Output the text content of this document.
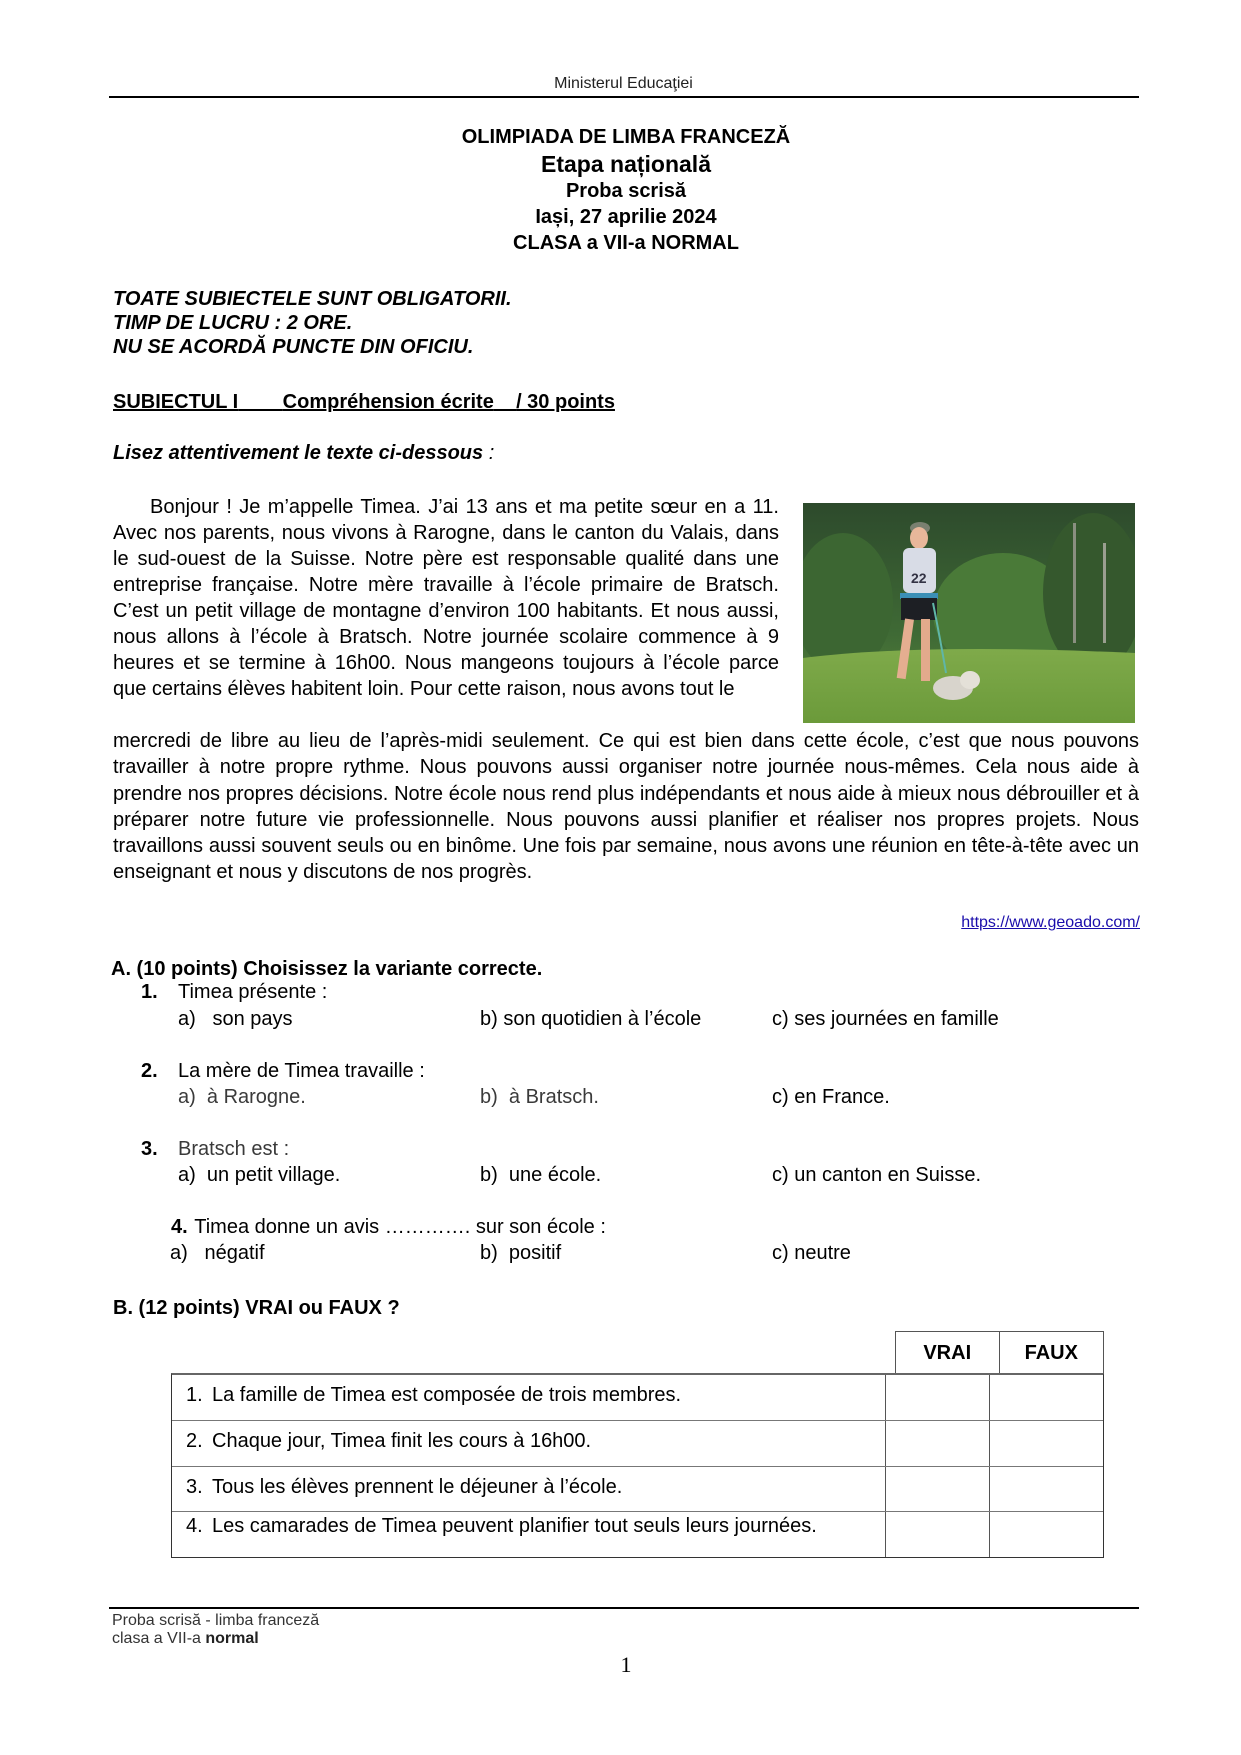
Ministerul Educaţiei
OLIMPIADA DE LIMBA FRANCEZĂ
Etapa națională
Proba scrisă
Iași, 27 aprilie 2024
CLASA a VII-a NORMAL
TOATE SUBIECTELE SUNT OBLIGATORII.
TIMP DE LUCRU : 2 ORE.
NU SE ACORDĂ PUNCTE DIN OFICIU.
SUBIECTUL I Compréhension écrite / 30 points
Lisez attentivement le texte ci-dessous :
Bonjour ! Je m’appelle Timea. J’ai 13 ans et ma petite sœur en a 11. Avec nos parents, nous vivons à Rarogne, dans le canton du Valais, dans le sud-ouest de la Suisse. Notre père est responsable qualité dans une entreprise française. Notre mère travaille à l’école primaire de Bratsch. C’est un petit village de montagne d’environ 100 habitants. Et nous aussi, nous allons à l’école à Bratsch. Notre journée scolaire commence à 9 heures et se termine à 16h00. Nous mangeons toujours à l’école parce que certains élèves habitent loin. Pour cette raison, nous avons tout le
22
mercredi de libre au lieu de l’après-midi seulement. Ce qui est bien dans cette école, c’est que nous pouvons travailler à notre propre rythme. Nous pouvons aussi organiser notre journée nous-mêmes. Cela nous aide à prendre nos propres décisions. Notre école nous rend plus indépendants et nous aide à mieux nous débrouiller et à préparer notre future vie professionnelle. Nous pouvons aussi planifier et réaliser nos propres projets. Nous travaillons aussi souvent seuls ou en binôme. Une fois par semaine, nous avons une réunion en tête-à-tête avec un enseignant et nous y discutons de nos progrès.
https://www.geoado.com/
A. (10 points) Choisissez la variante correcte.
1. Timea présente :
a)   son pays	b) son quotidien à l’école	c) ses journées en famille
2. La mère de Timea travaille :
a)  à Rarogne.	b)  à Bratsch.	c) en France.
3. Bratsch est :
a)  un petit village.	b)  une école.	c) un canton en Suisse.
4. Timea donne un avis …………. sur son école :
a)   négatif	b)  positif	c) neutre
B. (12 points) VRAI ou FAUX ?
VRAI	FAUX
1. La famille de Timea est composée de trois membres.
2. Chaque jour, Timea finit les cours à 16h00.
3. Tous les élèves prennent le déjeuner à l’école.
4. Les camarades de Timea peuvent planifier tout seuls leurs journées.
Proba scrisă - limba franceză
clasa a VII-a normal
1
